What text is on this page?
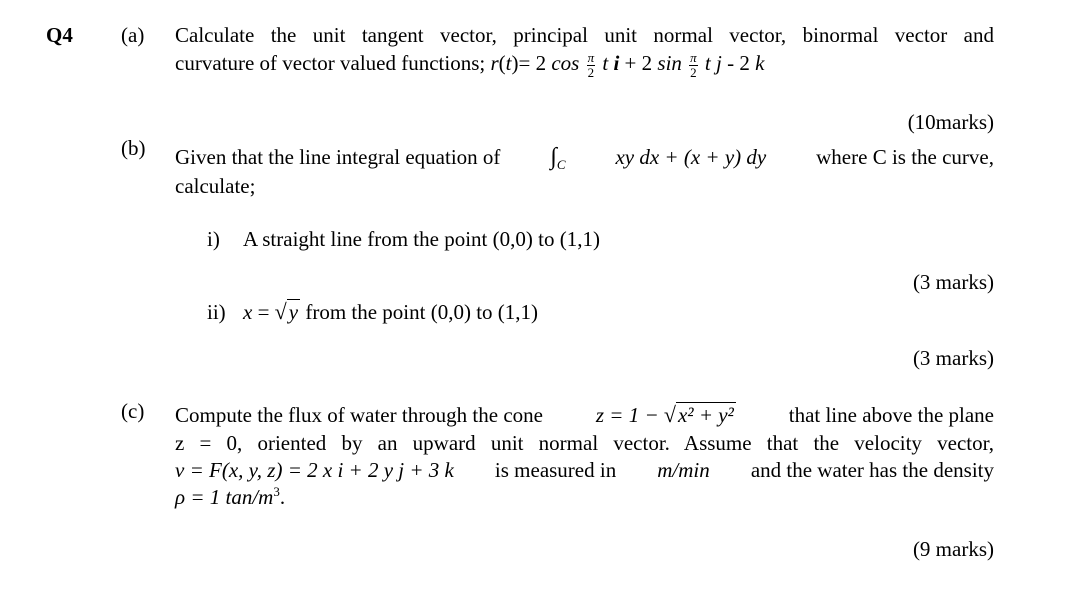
Q4 (a) Calculate the unit tangent vector, principal unit normal vector, binormal vector and
curvature of vector valued functions; r(t)= 2 $\cos \frac{\pi}{2}$ t i + 2 $\sin \frac{\pi}{2}$ t j - 2 k
(10marks)
(b) Given that the line integral equation of $\int_C$ xy dx + (x + y) dy where C is the curve,
calculate;
i) A straight line from the point (0,0) to (1,1)
(3 marks)
ii) x = √y from the point (0,0) to (1,1)
(3 marks)
(c) Compute the flux of water through the cone	z = 1 − √x² + y²	that line above the plane
z = 0, oriented by an upward unit normal vector. Assume that the velocity vector,
v = F(x, y, z) = 2 x i + 2 y j + 3 k is measured in m/min and the water has the density
ρ = 1 $\tan/m^3$.
(9 marks)
